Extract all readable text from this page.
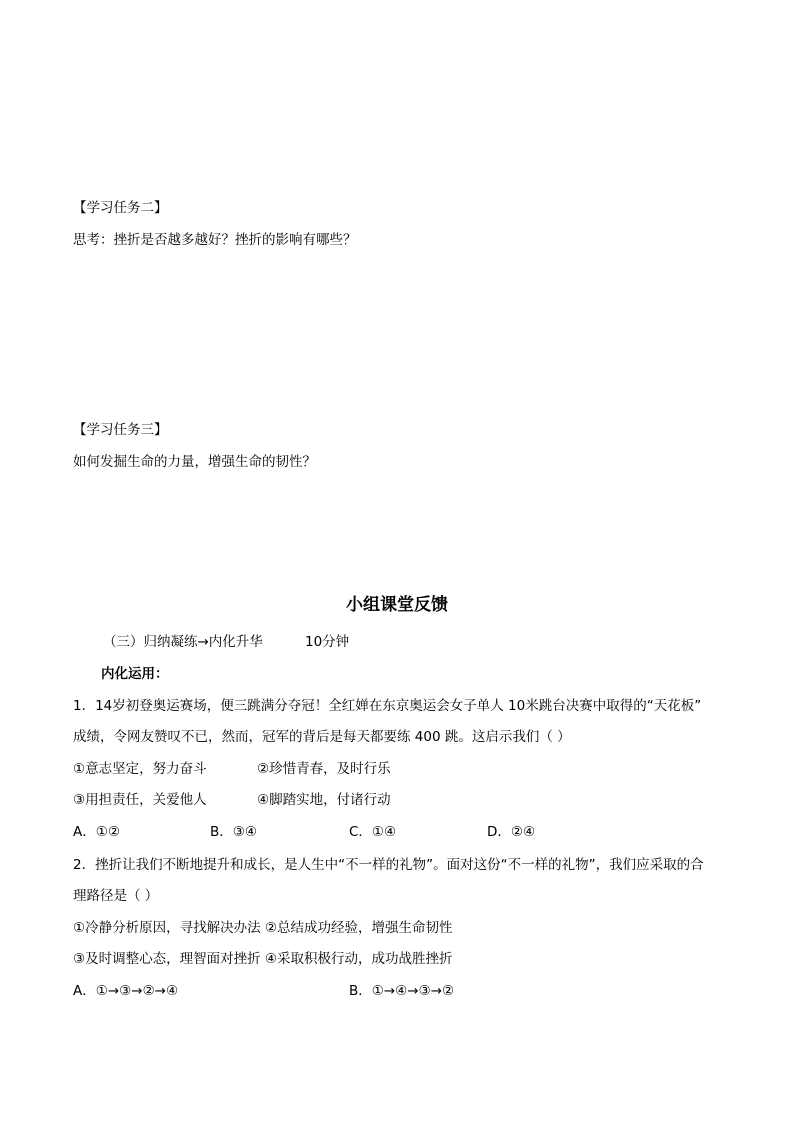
【学习任务二】
思考：挫折是否越多越好？挫折的影响有哪些？
【学习任务三】
如何发掘生命的力量，增强生命的韧性？
小组课堂反馈
（三）归纳凝练→内化升华	10分钟
内化运用：
1．14岁初登奥运赛场，便三跳满分夺冠！全红婵在东京奥运会女子单人 10米跳台决赛中取得的“天花板”
成绩，令网友赞叹不已，然而，冠军的背后是每天都要练 400 跳。这启示我们（ ）
①意志坚定，努力奋斗	②珍惜青春，及时行乐
③用担责任，关爱他人	④脚踏实地，付诸行动
A．①②	B．③④	C．①④	D．②④
2．挫折让我们不断地提升和成长，是人生中“不一样的礼物”。面对这份“不一样的礼物”，我们应采取的合
理路径是（ ）
①冷静分析原因，寻找解决办法 ②总结成功经验，增强生命韧性
③及时调整心态，理智面对挫折 ④采取积极行动，成功战胜挫折
A．①→③→②→④	B．①→④→③→②
